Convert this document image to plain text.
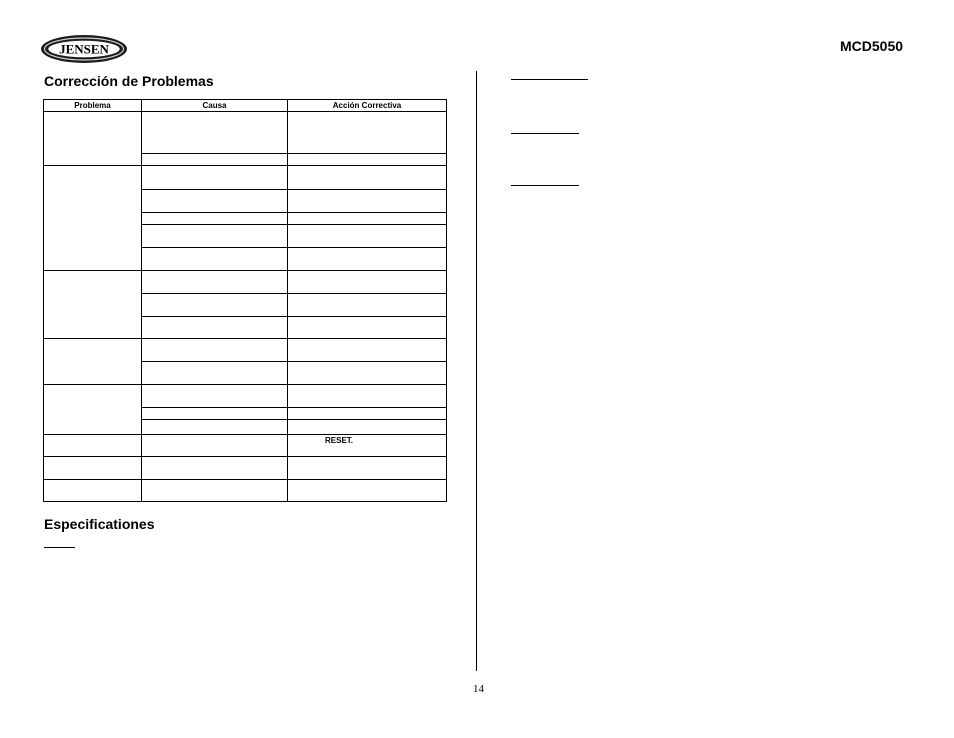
JENSEN	MCD5050
Corrección de Problemas
Problema	Causa	Acción Correctiva

		RESET.

Especificationes
14
